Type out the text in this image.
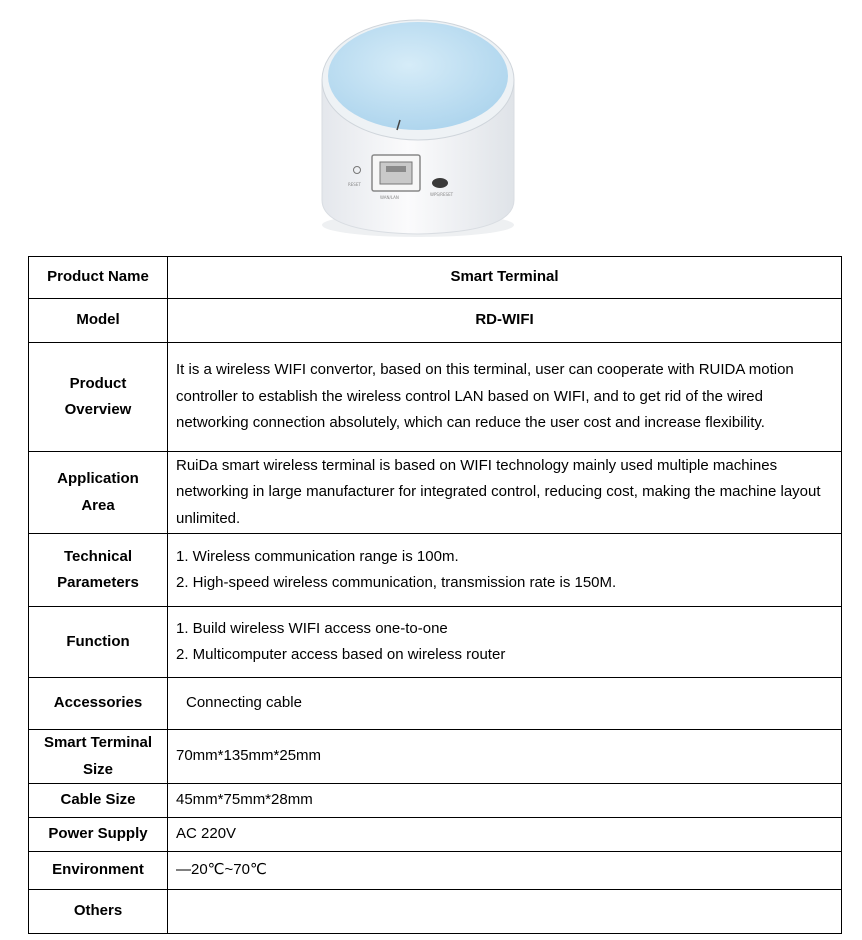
RESET
WAN/LAN
WPS/RESET
Product Name	Smart Terminal

Model	RD-WIFI

Product
Overview	It is a wireless WIFI convertor, based on this terminal, user can cooperate with RUIDA motion controller to establish the wireless control LAN based on WIFI, and to get rid of the wired networking connection absolutely, which can reduce the user cost and increase flexibility.

Application
Area	RuiDa smart wireless terminal is based on WIFI technology mainly used multiple machines networking in large manufacturer for integrated control, reducing cost, making the machine layout unlimited.

Technical
Parameters	1. Wireless communication range is 100m.
2. High-speed wireless communication, transmission rate is 150M.

Function	1. Build wireless WIFI access one-to-one
2. Multicomputer access based on wireless router

Accessories	Connecting cable

Smart Terminal
Size	70mm*135mm*25mm

Cable Size	45mm*75mm*28mm

Power Supply	AC 220V

Environment	—20℃~70℃

Others	
